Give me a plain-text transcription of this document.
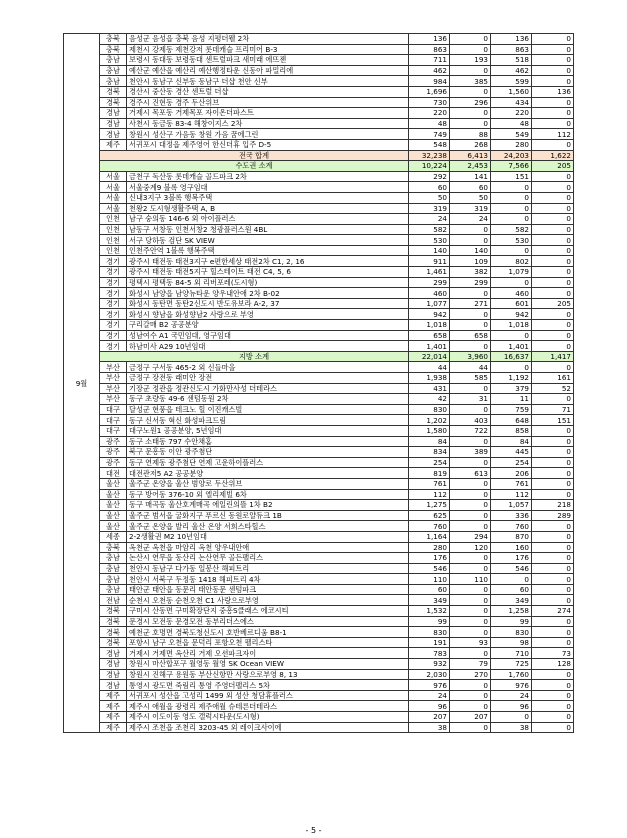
9월	충북	음성군 음성읍 충북 음성 지평더웰 2차	136	0	136	0
	충북	제천시 강제동 제천강저 롯데캐슬 프리미어 B-3	863	0	863	0
	충남	보령시 동대동 보령동대 센트럴파크 새미래 에뜨젠	711	193	518	0
	충남	예산군 예산읍 예산리 예산행정타운 신동아 파밀리에	462	0	462	0
	충남	천안시 동남구 신부동 동남구 더샵 천안 신부	984	385	599	0
	경북	경산시 중산동 경산 센트럴 더샵	1,696	0	1,560	136
	경북	경주시 진현동 경주 두산위브	730	296	434	0
	경남	거제시 목포동 거제목포 자이온더파스트	220	0	220	0
	경남	사천시 동금동 83-4 해창이지스 2차	48	0	48	0
	경남	창원시 성산구 가음동 창원 가음 꿈에그린	749	88	549	112
	제주	서귀포시 대정읍 제주영어 한신더휴 입주 D-5	548	268	280	0
	전국 합계		32,238	6,413	24,203	1,622
	수도권 소계		10,224	2,453	7,566	205
	서울	금천구 독산동 롯데캐슬 골드파크 2차	292	141	151	0
	서울	서울중계9 블록 영구임대	60	60	0	0
	서울	신내3지구 3블록 행복주택	50	50	0	0
	서울	천왕2 도시형생활주택 A, B	319	319	0	0
	인천	남구 숭의동 146-6 외 아이플러스	24	24	0	0
	인천	남동구 서창동 인천서창2 청광플러스원 4BL	582	0	582	0
	인천	서구 당하동 검단 SK VIEW	530	0	530	0
	인천	인천주안역 1블록 행복주택	140	140	0	0
	경기	광주시 태전동 태전3지구 e편한세상 태전2차 C1, 2, 16	911	109	802	0
	경기	광주시 태전동 태전5지구 힐스테이트 태전 C4, 5, 6	1,461	382	1,079	0
	경기	평택시 평택동 84-5 외 리버포레(도시형)	299	299	0	0
	경기	화성시 남양읍 남양뉴타운 양우내안애 2차 B-02	460	0	460	0
	경기	화성시 동탄면 동탄2신도시 반도유보라 A-2, 37	1,077	271	601	205
	경기	화성시 향남읍 화성향남2 사랑으로 부영	942	0	942	0
	경기	구리갈매 B2 공공분양	1,018	0	1,018	0
	경기	성남여수 A1 국민임대, 영구임대	658	658	0	0
	경기	하남미사 A29 10년임대	1,401	0	1,401	0
	지방 소계		22,014	3,960	16,637	1,417
	부산	금정구 구서동 465-2 외 신들마을	44	44	0	0
	부산	금정구 장전동 래미안 장전	1,938	585	1,192	161
	부산	기장군 정관읍 정관신도시 가화만사성 더테라스	431	0	379	52
	부산	동구 초량동 49-6 센텀동원 2차	42	31	11	0
	대구	달성군 현풍읍 테크노 힐 이진캐스빌	830	0	759	71
	대구	동구 신서동 혁신 화성파크드림	1,202	403	648	151
	대구	대구노원1 공공분양, 5년임대	1,580	722	858	0
	광주	동구 소태동 797 수안채홈	84	0	84	0
	광주	북구 문흥동 이안 광주첨단	834	389	445	0
	광주	동구 연제동 광주첨단 연제 고운하이플러스	254	0	254	0
	대전	대전관저5 A2 공공분양	819	613	206	0
	울산	울주군 온양읍 울산 범양로 두산위브	761	0	761	0
	울산	동구 방어동 376-10 외 엘리제빌 6차	112	0	112	0
	울산	동구 매곡동 울산호계매곡 에일린의뜰 1차 B2	1,275	0	1,057	218
	울산	울주군 범서읍 굴화지구 푸르신 동원로얄듀크 1B	625	0	336	289
	울산	울주군 온양읍 발리 울산 온양 서희스타힐스	760	0	760	0
	세종	2-2생활권 M2 10년임대	1,164	294	870	0
	충북	옥천군 옥천읍 마암리 옥천 양우내안애	280	120	160	0
	충남	논산시 연무읍 동산리 논산연무 골든팰리스	176	0	176	0
	충남	천안시 동남구 다가동 일봉산 해피트리	546	0	546	0
	충남	천안시 서북구 두정동 1418 해피트리 4차	110	110	0	0
	충남	태안군 태안읍 동문리 태안동문 센텀파크	60	0	60	0
	전남	순천시 오천동 순천오천 C1 사랑으로부영	349	0	349	0
	경북	구미시 산동면 구미확장단지 중흥S클래스 에코시티	1,532	0	1,258	274
	경북	문경시 모전동 문경모전 동부리더스에스	99	0	99	0
	경북	예천군 호명면 경북도청신도시 호반베르디움 B8-1	830	0	830	0
	경북	포항시 남구 오천읍 문덕리 포항오천 펠리스타	191	93	98	0
	경남	거제시 거제면 옥산리 거제 오션파크자이	783	0	710	73
	경남	창원시 마산합포구 월영동 월영 SK Ocean VIEW	932	79	725	128
	경남	창원시 진해구 용원동 부산신항만 사랑으로부영 8, 13	2,030	270	1,760	0
	경남	통영시 광도면 죽림리 통영 주영더팰리스 5차	976	0	976	0
	제주	서귀포시 성산읍 고성리 1499 외 성산 청담휴플러스	24	0	24	0
	제주	제주시 애월읍 광령리 제주애월 슈테른더테라스	96	0	96	0
	제주	제주시 이도이동 영도 갤럭시타운(도시형)	207	207	0	0
	제주	제주시 조천읍 조천리 3203-45 외 레이크사이에	38	0	38	0
- 5 -
